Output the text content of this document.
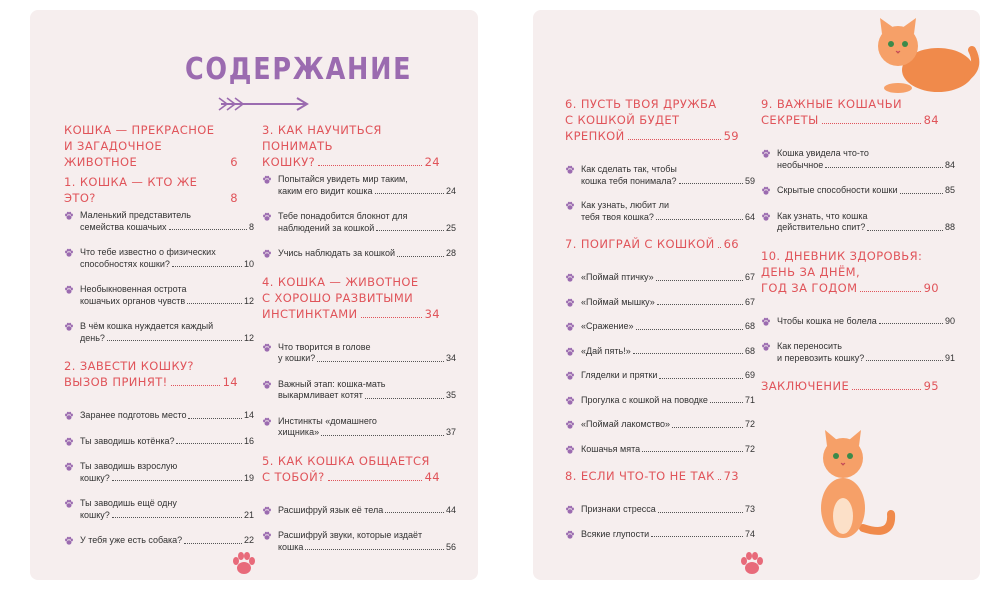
СОДЕРЖАНИЕ
КОШКА — ПРЕКРАСНОЕ
И ЗАГАДОЧНОЕ ЖИВОТНОЕ	6
1. КОШКА — КТО ЖЕ ЭТО?	8
Маленький представитель
семейства кошачьих	8
Что тебе известно о физических
способностях кошки?	10
Необыкновенная острота
кошачьих органов чувств	12
В чём кошка нуждается каждый
день?	12
2. ЗАВЕСТИ КОШКУ?
ВЫЗОВ ПРИНЯТ!	14
Заранее подготовь место	14
Ты заводишь котёнка?	16
Ты заводишь взрослую
кошку?	19
Ты заводишь ещё одну
кошку?	21
У тебя уже есть собака?	22
3. КАК НАУЧИТЬСЯ ПОНИМАТЬ
КОШКУ?	24
Попытайся увидеть мир таким,
каким его видит кошка	24
Тебе понадобится блокнот для
наблюдений за кошкой	25
Учись наблюдать за кошкой	28
4. КОШКА — ЖИВОТНОЕ
С ХОРОШО РАЗВИТЫМИ
ИНСТИНКТАМИ	34
Что творится в голове
у кошки?	34
Важный этап: кошка-мать
выкармливает котят	35
Инстинкты «домашнего
хищника»	37
5. КАК КОШКА ОБЩАЕТСЯ
С ТОБОЙ?	44
Расшифруй язык её тела	44
Расшифруй звуки, которые издаёт
кошка	56
6. ПУСТЬ ТВОЯ ДРУЖБА
С КОШКОЙ БУДЕТ
КРЕПКОЙ	59
Как сделать так, чтобы
кошка тебя понимала?	59
Как узнать, любит ли
тебя твоя кошка?	64
7. ПОИГРАЙ С КОШКОЙ 66
«Поймай птичку»	67
«Поймай мышку»	67
«Сражение»	68
«Дай пять!»	68
Гляделки и прятки	69
Прогулка с кошкой на поводке	71
«Поймай лакомство»	72
Кошачья мята	72
8. ЕСЛИ ЧТО-ТО НЕ ТАК 73
Признаки стресса	73
Всякие глупости	74
9. ВАЖНЫЕ КОШАЧЬИ
СЕКРЕТЫ	84
Кошка увидела что-то
необычное	84
Скрытые способности кошки	85
Как узнать, что кошка
действительно спит?	88
10. ДНЕВНИК ЗДОРОВЬЯ:
ДЕНЬ ЗА ДНЁМ,
ГОД ЗА ГОДОМ	90
Чтобы кошка не болела	90
Как переносить
и перевозить кошку?	91
ЗАКЛЮЧЕНИЕ	95
